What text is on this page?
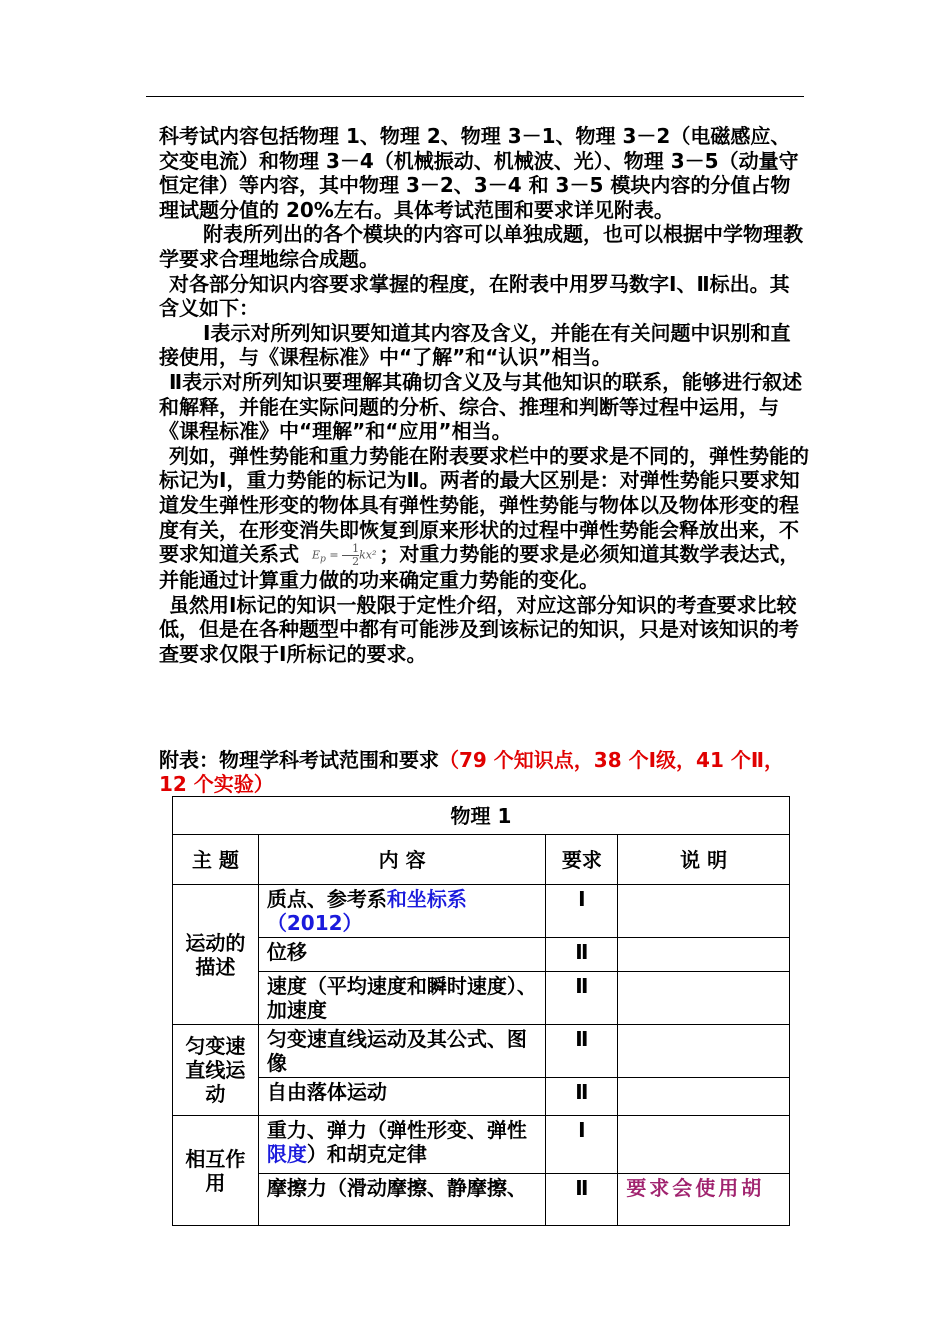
科考试内容包括物理 1、物理 2、物理 3－1、物理 3－2（电磁感应、交变电流）和物理 3－4（机械振动、机械波、光）、物理 3－5（动量守恒定律）等内容，其中物理 3－2、3－4 和 3－5 模块内容的分值占物理试题分值的 20%左右。具体考试范围和要求详见附表。

附表所列出的各个模块的内容可以单独成题，也可以根据中学物理教学要求合理地综合成题。

对各部分知识内容要求掌握的程度，在附表中用罗马数字Ⅰ、Ⅱ标出。其含义如下：

Ⅰ表示对所列知识要知道其内容及含义，并能在有关问题中识别和直接使用，与《课程标准》中“了解”和“认识”相当。

Ⅱ表示对所列知识要理解其确切含义及与其他知识的联系，能够进行叙述和解释，并能在实际问题的分析、综合、推理和判断等过程中运用，与《课程标准》中“理解”和“应用”相当。

列如，弹性势能和重力势能在附表要求栏中的要求是不同的，弹性势能的标记为Ⅰ，重力势能的标记为Ⅱ。两者的最大区别是：对弹性势能只要求知道发生弹性形变的物体具有弹性势能，弹性势能与物体以及物体形变的程度有关，在形变消失即恢复到原来形状的过程中弹性势能会释放出来，不要求知道关系式 $E_p = \frac{1}{2} kx^2$ ；对重力势能的要求是必须知道其数学表达式，并能通过计算重力做的功来确定重力势能的变化。

虽然用Ⅰ标记的知识一般限于定性介绍，对应这部分知识的考查要求比较低，但是在各种题型中都有可能涉及到该标记的知识，只是对该知识的考查要求仅限于Ⅰ所标记的要求。

附表：物理学科考试范围和要求（79 个知识点，38 个Ⅰ级，41 个Ⅱ，12 个实验）
物理 1			
主 题	内 容	要求	说 明
运动的描述	质点、参考系和坐标系（2012）	Ⅰ	
	位移	Ⅱ	
	速度（平均速度和瞬时速度）、加速度	Ⅱ	
匀变速直线运动	匀变速直线运动及其公式、图像	Ⅱ	
	自由落体运动	Ⅱ	
相互作用	重力、弹力（弹性形变、弹性限度）和胡克定律	Ⅰ	
	摩擦力（滑动摩擦、静摩擦、	Ⅱ	要求会使用胡
